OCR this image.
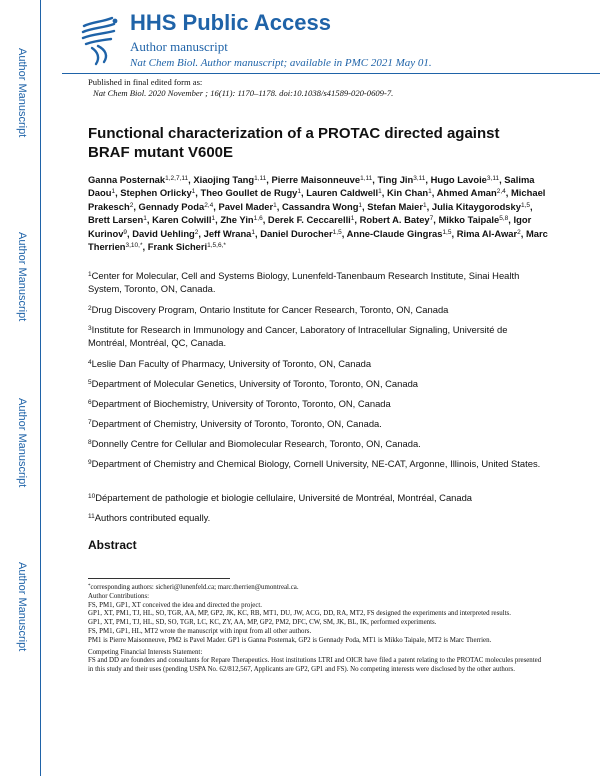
Author Manuscript
Author Manuscript
Author Manuscript
Author Manuscript
HHS Public Access
Author manuscript
Nat Chem Biol. Author manuscript; available in PMC 2021 May 01.
Published in final edited form as:
Nat Chem Biol. 2020 November ; 16(11): 1170–1178. doi:10.1038/s41589-020-0609-7.
Functional characterization of a PROTAC directed against BRAF mutant V600E
Ganna Posternak$^{1,2,7,11}$, Xiaojing Tang$^{1,11}$, Pierre Maisonneuve$^{1,11}$, Ting Jin$^{3,11}$, Hugo Lavoie$^{3,11}$, Salima Daou$^1$, Stephen Orlicky$^1$, Theo Goullet de Rugy$^1$, Lauren Caldwell$^1$, Kin Chan$^1$, Ahmed Aman$^{2,4}$, Michael Prakesch$^2$, Gennady Poda$^{2,4}$, Pavel Mader$^1$, Cassandra Wong$^1$, Stefan Maier$^1$, Julia Kitaygorodsky$^{1,5}$, Brett Larsen$^1$, Karen Colwill$^1$, Zhe Yin$^{1,6}$, Derek F. Ceccarelli$^1$, Robert A. Batey$^7$, Mikko Taipale$^{5,8}$, Igor Kurinov$^9$, David Uehling$^2$, Jeff Wrana$^1$, Daniel Durocher$^{1,5}$, Anne-Claude Gingras$^{1,5}$, Rima Al-Awar$^2$, Marc Therrien$^{3,10,*}$, Frank Sicheri$^{1,5,6,*}$
$^1$Center for Molecular, Cell and Systems Biology, Lunenfeld-Tanenbaum Research Institute, Sinai Health System, Toronto, ON, Canada.
$^2$Drug Discovery Program, Ontario Institute for Cancer Research, Toronto, ON, Canada
$^3$Institute for Research in Immunology and Cancer, Laboratory of Intracellular Signaling, Université de Montréal, Montréal, QC, Canada.
$^4$Leslie Dan Faculty of Pharmacy, University of Toronto, ON, Canada
$^5$Department of Molecular Genetics, University of Toronto, Toronto, ON, Canada
$^6$Department of Biochemistry, University of Toronto, Toronto, ON, Canada
$^7$Department of Chemistry, University of Toronto, Toronto, ON, Canada.
$^8$Donnelly Centre for Cellular and Biomolecular Research, Toronto, ON, Canada.
$^9$Department of Chemistry and Chemical Biology, Cornell University, NE-CAT, Argonne, Illinois, United States.
$^{10}$Département de pathologie et biologie cellulaire, Université de Montréal, Montréal, Canada
$^{11}$Authors contributed equally.
Abstract
*corresponding authors: sicheri@lunenfeld.ca; marc.therrien@umontreal.ca.
Author Contributions:
FS, PM1, GP1, XT conceived the idea and directed the project.
GP1, XT, PM1, TJ, HL, SO, TGR, AA, MP, GP2, JK, KC, RB, MT1, DU, JW, ACG, DD, RA, MT2, FS designed the experiments and interpreted results.
GP1, XT, PM1, TJ, HL, SD, SO, TGR, LC, KC, ZY, AA, MP, GP2, PM2, DFC, CW, SM, JK, BL, IK, performed experiments.
FS, PM1, GP1, HL, MT2 wrote the manuscript with input from all other authors.
PM1 is Pierre Maisonneuve, PM2 is Pavel Mader. GP1 is Ganna Posternak, GP2 is Gennady Poda, MT1 is Mikko Taipale, MT2 is Marc Therrien.
Competing Financial Interests Statement:
FS and DD are founders and consultants for Repare Therapeutics. Host institutions LTRI and OICR have filed a patent relating to the PROTAC molecules presented in this study and their uses (pending USPA No. 62/812,567, Applicants are GP2, GP1 and FS). No competing interests were disclosed by the other authors.
